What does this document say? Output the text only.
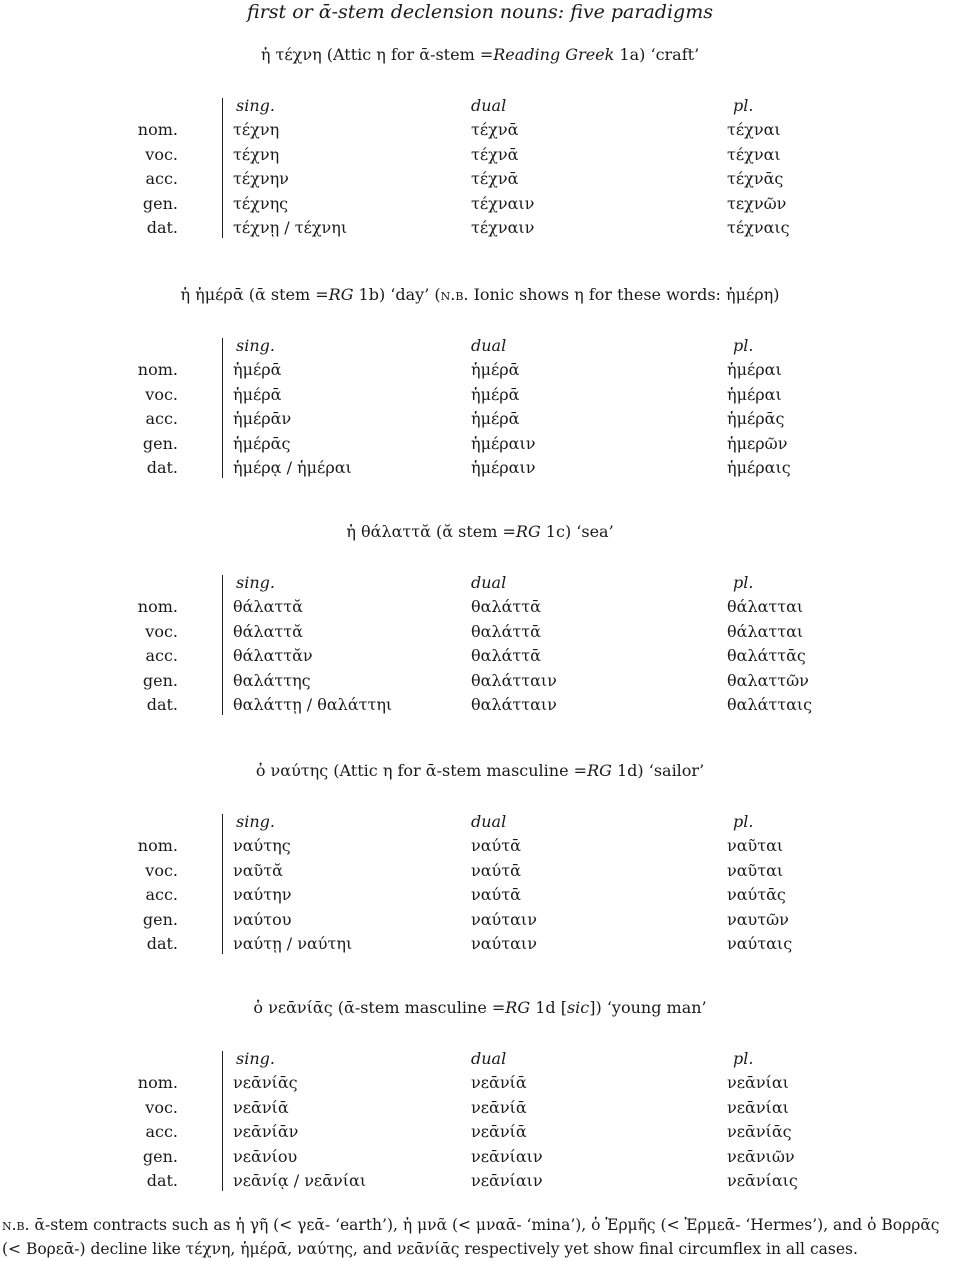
first or ᾱ-stem declension nouns: five paradigms
ἡ τέχνη (Attic η for ᾱ-stem =Reading Greek 1a) ‘craft’
sing.	dual	pl.
nom.	τέχνη	τέχνᾱ	τέχναι
voc.	τέχνη	τέχνᾱ	τέχναι
acc.	τέχνην	τέχνᾱ	τέχνᾱς
gen.	τέχνης	τέχναιν	τεχνῶν
dat.	τέχνῃ / τέχνηι	τέχναιν	τέχναις
ἡ ἡμέρᾱ (ᾱ stem =RG 1b) ‘day’ (n.b. Ionic shows η for these words: ἡμέρη)
sing.	dual	pl.
nom.	ἡμέρᾱ	ἡμέρᾱ	ἡμέραι
voc.	ἡμέρᾱ	ἡμέρᾱ	ἡμέραι
acc.	ἡμέρᾱν	ἡμέρᾱ	ἡμέρᾱς
gen.	ἡμέρᾱς	ἡμέραιν	ἡμερῶν
dat.	ἡμέρᾳ / ἡμέραι	ἡμέραιν	ἡμέραις
ἡ θάλαττᾰ (ᾰ stem =RG 1c) ‘sea’
sing.	dual	pl.
nom.	θάλαττᾰ	θαλάττᾱ	θάλατται
voc.	θάλαττᾰ	θαλάττᾱ	θάλατται
acc.	θάλαττᾰν	θαλάττᾱ	θαλάττᾱς
gen.	θαλάττης	θαλάτταιν	θαλαττῶν
dat.	θαλάττῃ / θαλάττηι	θαλάτταιν	θαλάτταις
ὁ ναύτης (Attic η for ᾱ-stem masculine =RG 1d) ‘sailor’
sing.	dual	pl.
nom.	ναύτης	ναύτᾱ	ναῦται
voc.	ναῦτᾰ	ναύτᾱ	ναῦται
acc.	ναύτην	ναύτᾱ	ναύτᾱς
gen.	ναύτου	ναύταιν	ναυτῶν
dat.	ναύτῃ / ναύτηι	ναύταιν	ναύταις
ὁ νεᾱνίᾱς (ᾱ-stem masculine =RG 1d [sic]) ‘young man’
sing.	dual	pl.
nom.	νεᾱνίᾱς	νεᾱνίᾱ	νεᾱνίαι
voc.	νεᾱνίᾱ	νεᾱνίᾱ	νεᾱνίαι
acc.	νεᾱνίᾱν	νεᾱνίᾱ	νεᾱνίᾱς
gen.	νεᾱνίου	νεᾱνίαιν	νεᾱνιῶν
dat.	νεᾱνίᾳ / νεᾱνίαι	νεᾱνίαιν	νεᾱνίαις
n.b. ᾱ-stem contracts such as ἡ γῆ (< γεᾱ- ‘earth’), ἡ μνᾶ (< μναᾱ- ‘mina’), ὁ Ἑρμῆς (< Ἑρμεᾱ- ‘Hermes’), and ὁ Βορρᾶς (< Βορεᾱ-) decline like τέχνη, ἡμέρᾱ, ναύτης, and νεᾱνίᾱς respectively yet show final circumflex in all cases.
